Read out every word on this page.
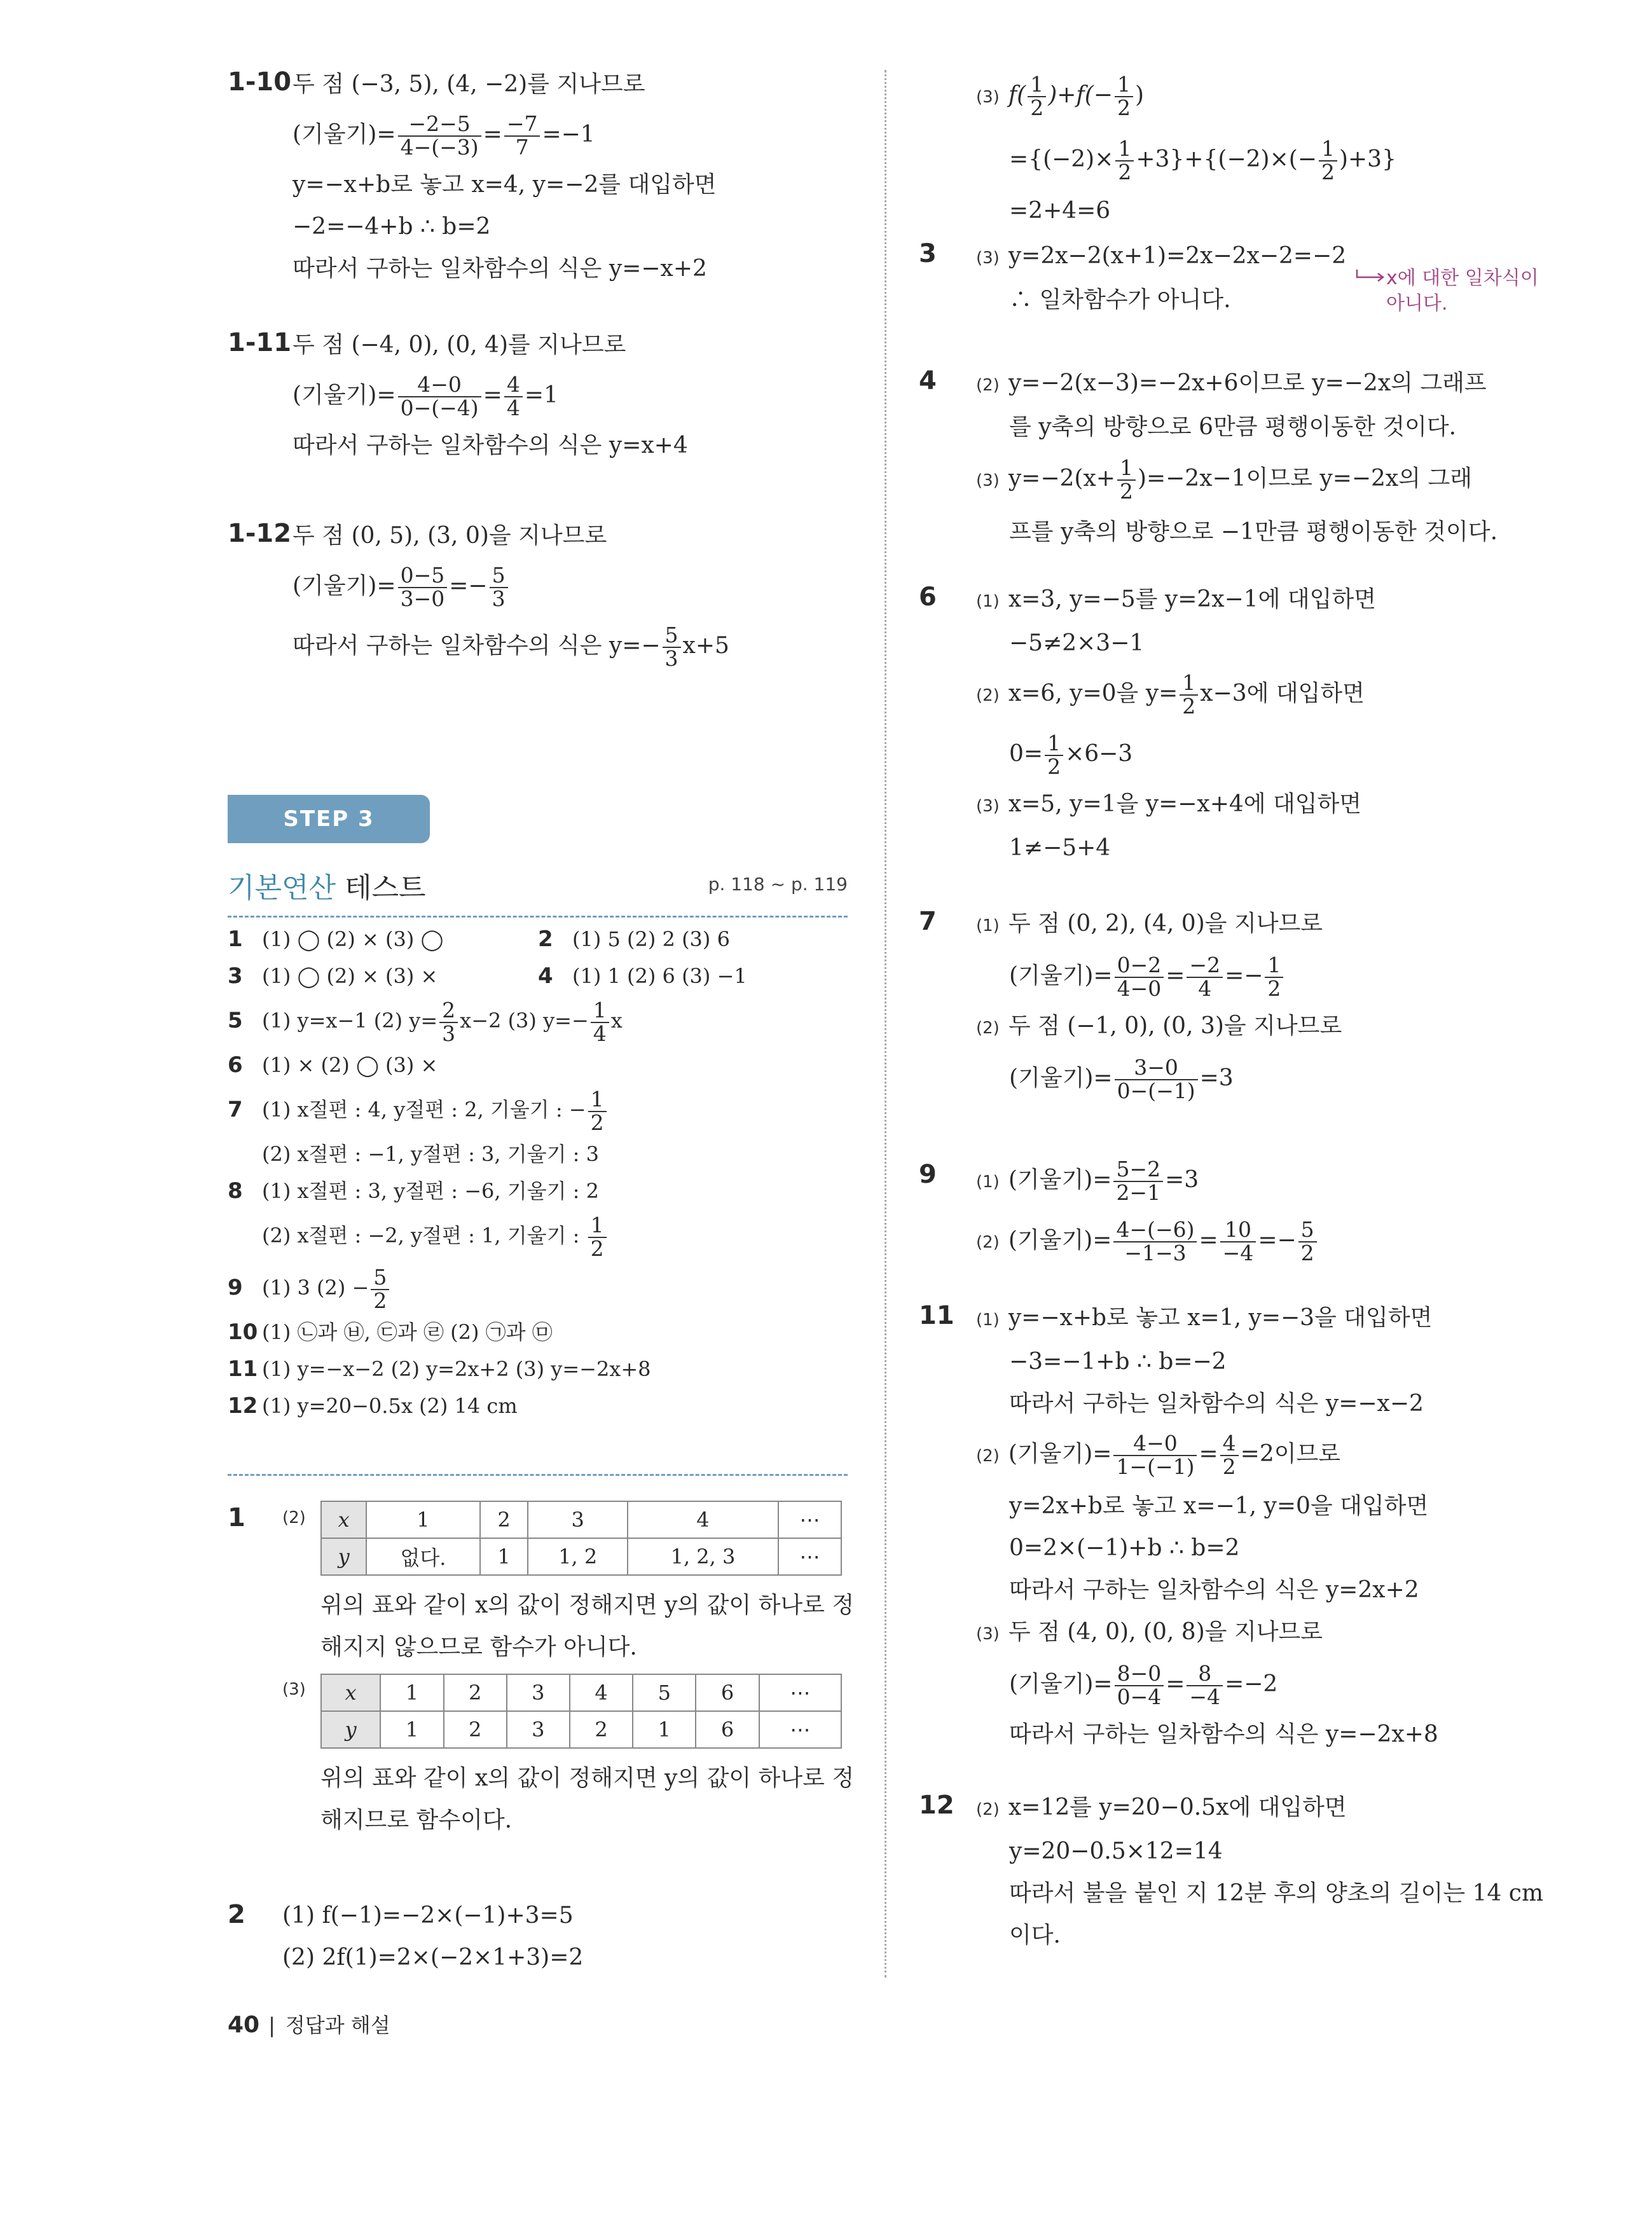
1-10 두 점 (−3, 5), (4, −2)를 지나므로
(기울기)= $\frac{-2-5}{4-(-3)} = \frac{-7}{7} =-1$
y=−x+b로 놓고 x=4, y=−2를 대입하면
−2=−4+b ∴ b=2
따라서 구하는 일차함수의 식은 y=−x+2
1-11 두 점 (−4, 0), (0, 4)를 지나므로
(기울기)= $\frac{4-0}{0-(-4)} = \frac{4}{4} =1$
따라서 구하는 일차함수의 식은 y=x+4
1-12 두 점 (0, 5), (3, 0)을 지나므로
(기울기)= $\frac{0-5}{3-0} =- \frac{5}{3}$
따라서 구하는 일차함수의 식은 $y=- \frac{5}{3} x+5$
STEP 3
기본연산 테스트	p. 118 ~ p. 119
1 (1) ◯ (2) × (3) ◯	2 (1) 5 (2) 2 (3) 6
3 (1) ◯ (2) × (3) ×	4 (1) 1 (2) 6 (3) −1
5 (1) y=x−1 (2) $y= \frac{2}{3} x-2$ (3) $y=- \frac{1}{4}$ x
6 (1) × (2) ◯ (3) ×
7 (1) x절편 : 4, y절편 : 2, 기울기 : − $\frac{1}{2}$
(2) x절편 : −1, y절편 : 3, 기울기 : 3
8 (1) x절편 : 3, y절편 : −6, 기울기 : 2
(2) x절편 : −2, y절편 : 1, 기울기 : $\frac{1}{2}$
9 (1) 3 $(2) - \frac{5}{2}$
10 (1) ㉡과 ㉥, ㉢과 ㉣ (2) ㉠과 ㉤
11 (1) y=−x−2 (2) y=2x+2 (3) y=−2x+8
12 (1) y=20−0.5x (2) 14 cm
1 (2) x	1	2	3	4	⋯
y	없다.	1	1, 2	1, 2, 3	⋯
위의 표와 같이 x의 값이 정해지면 y의 값이 하나로 정
해지지 않으므로 함수가 아니다.
(3) x	1	2	3	4	5	6	⋯
y	1	2	3	2	1	6	⋯
위의 표와 같이 x의 값이 정해지면 y의 값이 하나로 정
해지므로 함수이다.
2 (1) f(−1)=−2×(−1)+3=5
(2) 2f(1)=2×(−2×1+3)=2
(3) $f( \frac{1}{2} )+f(- \frac{1}{2}$ )
$=\{(-2)\times \frac{1}{2} +3\}+\{(-2)\times(- \frac{1}{2} )+3\}$
=2+4=6
3 (3) y=2x−2(x+1)=2x−2x−2=−2
∴ 일차함수가 아니다.
x에 대한 일차식이
아니다.
4 (2) y=−2(x−3)=−2x+6이므로 y=−2x의 그래프
를 y축의 방향으로 6만큼 평행이동한 것이다.
(3) $y=-2(x+ \frac{1}{2} )=-2x-1$이므로 y=−2x의 그래
프를 y축의 방향으로 −1만큼 평행이동한 것이다.
6 (1) x=3, y=−5를 y=2x−1에 대입하면
−5≠2×3−1
(2) x=6, y=0을 $y= \frac{1}{2} x-3$에 대입하면
$0= \frac{1}{2} \times 6-3$
(3) x=5, y=1을 y=−x+4에 대입하면
1≠−5+4
7 (1) 두 점 (0, 2), (4, 0)을 지나므로
(기울기)= $\frac{0-2}{4-0} = \frac{-2}{4} =- \frac{1}{2}$
(2) 두 점 (−1, 0), (0, 3)을 지나므로
(기울기)= $\frac{3-0}{0-(-1)} =3$
9 (1) (기울기)= $\frac{5-2}{2-1} =3$
(2) (기울기)= $\frac{4-(-6)}{-1-3} = \frac{10}{-4} =- \frac{5}{2}$
11 (1) y=−x+b로 놓고 x=1, y=−3을 대입하면
−3=−1+b ∴ b=−2
따라서 구하는 일차함수의 식은 y=−x−2
(2) (기울기)= $\frac{4-0}{1-(-1)} = \frac{4}{2} =2$이므로
y=2x+b로 놓고 x=−1, y=0을 대입하면
0=2×(−1)+b ∴ b=2
따라서 구하는 일차함수의 식은 y=2x+2
(3) 두 점 (4, 0), (0, 8)을 지나므로
(기울기)= $\frac{8-0}{0-4} = \frac{8}{-4} =-2$
따라서 구하는 일차함수의 식은 y=−2x+8
12 (2) x=12를 y=20−0.5x에 대입하면
y=20−0.5×12=14
따라서 불을 붙인 지 12분 후의 양초의 길이는 14 cm
이다.
40 | 정답과 해설
